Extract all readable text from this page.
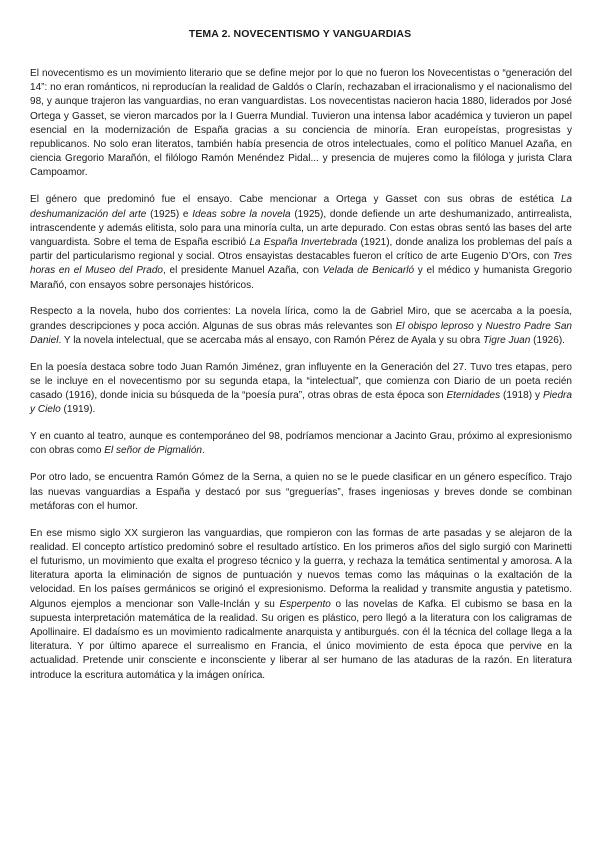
TEMA 2. NOVECENTISMO Y VANGUARDIAS

El novecentismo es un movimiento literario que se define mejor por lo que no fueron los Novecentistas o “generación del 14”: no eran románticos, ni reproducían la realidad de Galdós o Clarín, rechazaban el irracionalismo y el nacionalismo del 98, y aunque trajeron las vanguardias, no eran vanguardistas. Los novecentistas nacieron hacia 1880, liderados por José Ortega y Gasset, se vieron marcados por la I Guerra Mundial. Tuvieron una intensa labor académica y tuvieron un papel esencial en la modernización de España gracias a su conciencia de minoría. Eran europeístas, progresistas y republicanos. No solo eran literatos, también había presencia de otros intelectuales, como el político Manuel Azaña, en ciencia Gregorio Marañón, el filólogo Ramón Menéndez Pidal... y presencia de mujeres como la filóloga y jurista Clara Campoamor.

El género que predominó fue el ensayo. Cabe mencionar a Ortega y Gasset con sus obras de estética La deshumanización del arte (1925) e Ideas sobre la novela (1925), donde defiende un arte deshumanizado, antirrealista, intrascendente y además elitista, solo para una minoría culta, un arte depurado. Con estas obras sentó las bases del arte vanguardista. Sobre el tema de España escribió La España Invertebrada (1921), donde analiza los problemas del país a partir del particularismo regional y social. Otros ensayistas destacables fueron el crítico de arte Eugenio D’Ors, con Tres horas en el Museo del Prado, el presidente Manuel Azaña, con Velada de Benicarló y el médico y humanista Gregorio Marañó, con ensayos sobre personajes históricos.

Respecto a la novela, hubo dos corrientes: La novela lírica, como la de Gabriel Miro, que se acercaba a la poesía, grandes descripciones y poca acción. Algunas de sus obras más relevantes son El obispo leproso y Nuestro Padre San Daniel. Y la novela intelectual, que se acercaba más al ensayo, con Ramón Pérez de Ayala y su obra Tigre Juan (1926).

En la poesía destaca sobre todo Juan Ramón Jiménez, gran influyente en la Generación del 27. Tuvo tres etapas, pero se le incluye en el novecentismo por su segunda etapa, la “intelectual”, que comienza con Diario de un poeta recién casado (1916), donde inicia su búsqueda de la “poesía pura”, otras obras de esta época son Eternidades (1918) y Piedra y Cielo (1919).

Y en cuanto al teatro, aunque es contemporáneo del 98, podríamos mencionar a Jacinto Grau, próximo al expresionismo con obras como El señor de Pigmalión.

Por otro lado, se encuentra Ramón Gómez de la Serna, a quien no se le puede clasificar en un género específico. Trajo las nuevas vanguardias a España y destacó por sus “greguerías”, frases ingeniosas y breves donde se combinan metáforas con el humor.

En ese mismo siglo XX surgieron las vanguardias, que rompieron con las formas de arte pasadas y se alejaron de la realidad. El concepto artístico predominó sobre el resultado artístico. En los primeros años del siglo surgió con Marinetti el futurismo, un movimiento que exalta el progreso técnico y la guerra, y rechaza la temática sentimental y amorosa. A la literatura aporta la eliminación de signos de puntuación y nuevos temas como las máquinas o la exaltación de la velocidad. En los países germánicos se originó el expresionismo. Deforma la realidad y transmite angustia y patetismo. Algunos ejemplos a mencionar son Valle-Inclán y su Esperpento o las novelas de Kafka. El cubismo se basa en la supuesta interpretación matemática de la realidad. Su origen es plástico, pero llegó a la literatura con los caligramas de Apollinaire. El dadaísmo es un movimiento radicalmente anarquista y antiburgués. con él la técnica del collage llega a la literatura. Y por último aparece el surrealismo en Francia, el único movimiento de esta época que pervive en la actualidad. Pretende unir consciente e inconsciente y liberar al ser humano de las ataduras de la razón. En literatura introduce la escritura automática y la imágen onírica.
